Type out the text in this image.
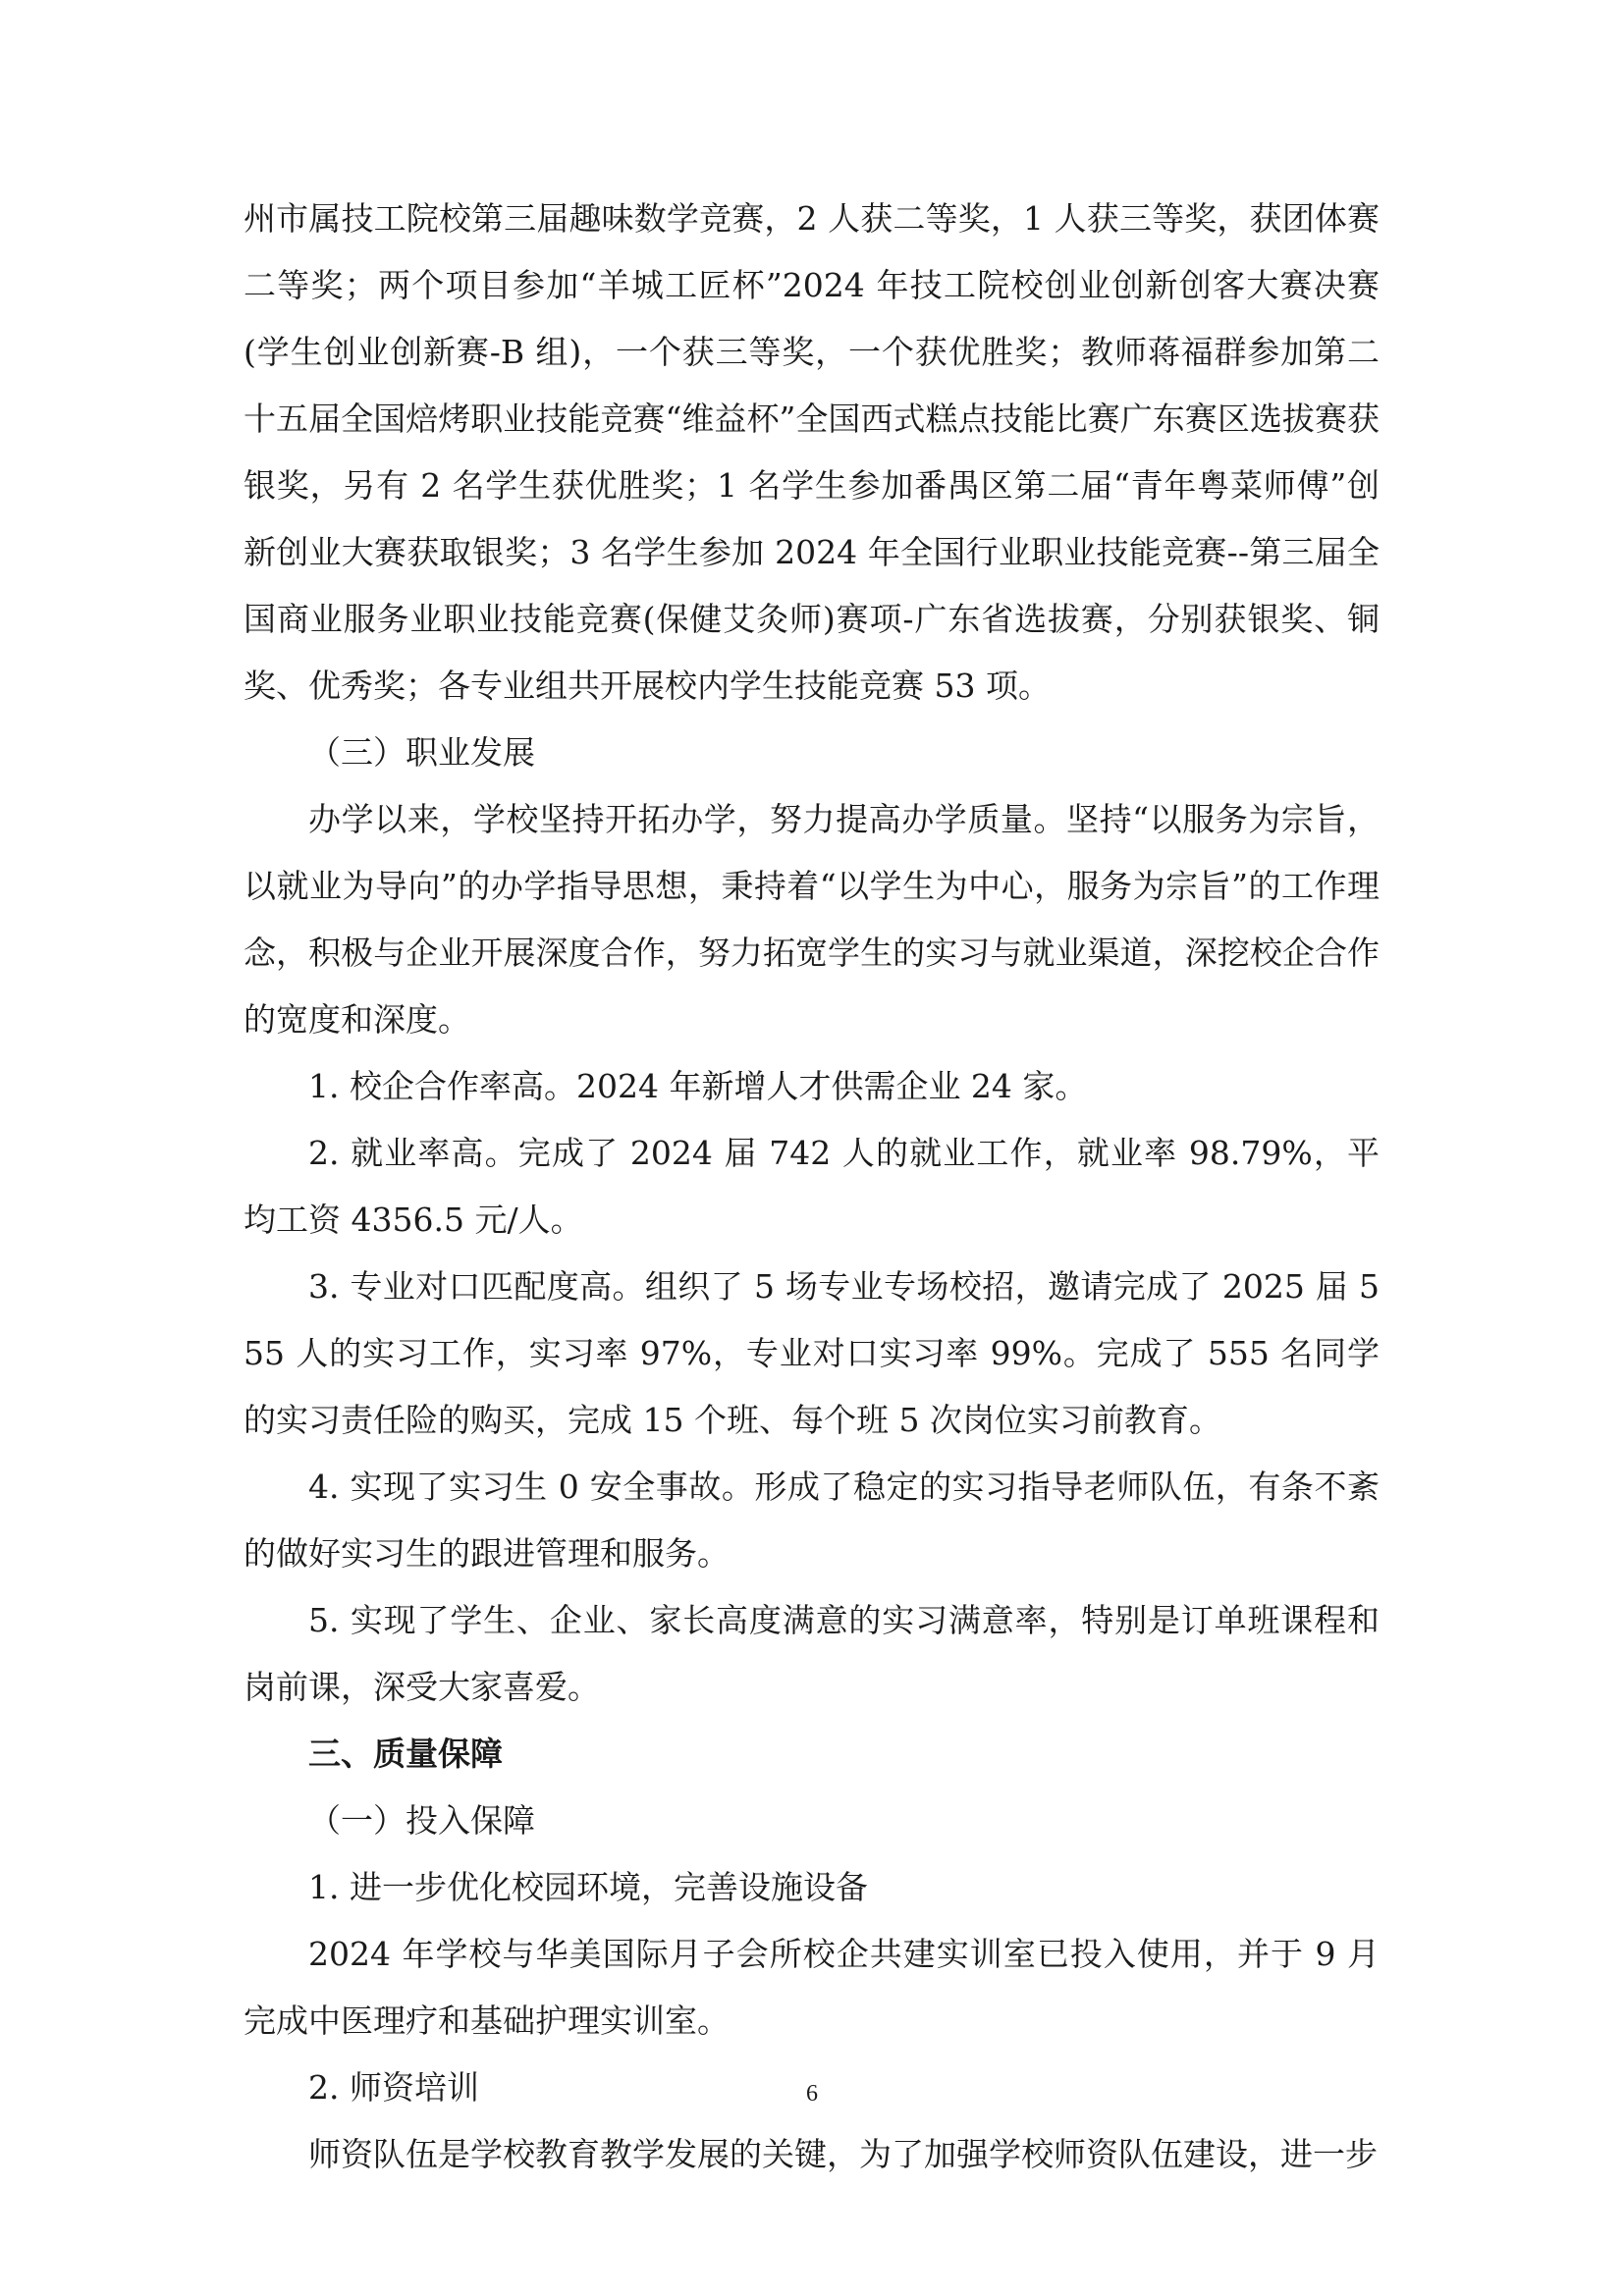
州市属技工院校第三届趣味数学竞赛，2 人获二等奖，1 人获三等奖，获团体赛二等奖；两个项目参加“羊城工匠杯”2024 年技工院校创业创新创客大赛决赛(学生创业创新赛-B 组)，一个获三等奖，一个获优胜奖；教师蒋福群参加第二十五届全国焙烤职业技能竞赛“维益杯”全国西式糕点技能比赛广东赛区选拔赛获银奖，另有 2 名学生获优胜奖；1 名学生参加番禺区第二届“青年粤菜师傅”创新创业大赛获取银奖；3 名学生参加 2024 年全国行业职业技能竞赛--第三届全国商业服务业职业技能竞赛(保健艾灸师)赛项-广东省选拔赛，分别获银奖、铜奖、优秀奖；各专业组共开展校内学生技能竞赛 53 项。

（三）职业发展

办学以来，学校坚持开拓办学，努力提高办学质量。坚持“以服务为宗旨，以就业为导向”的办学指导思想，秉持着“以学生为中心，服务为宗旨”的工作理念，积极与企业开展深度合作，努力拓宽学生的实习与就业渠道，深挖校企合作的宽度和深度。

1. 校企合作率高。2024 年新增人才供需企业 24 家。

2. 就业率高。完成了 2024 届 742 人的就业工作，就业率 98.79%，平均工资 4356.5 元/人。

3. 专业对口匹配度高。组织了 5 场专业专场校招，邀请完成了 2025 届 555 人的实习工作，实习率 97%，专业对口实习率 99%。完成了 555 名同学的实习责任险的购买，完成 15 个班、每个班 5 次岗位实习前教育。

4. 实现了实习生 0 安全事故。形成了稳定的实习指导老师队伍，有条不紊的做好实习生的跟进管理和服务。

5. 实现了学生、企业、家长高度满意的实习满意率，特别是订单班课程和岗前课，深受大家喜爱。

三、质量保障

（一）投入保障

1. 进一步优化校园环境，完善设施设备

2024 年学校与华美国际月子会所校企共建实训室已投入使用，并于 9 月完成中医理疗和基础护理实训室。

2. 师资培训

师资队伍是学校教育教学发展的关键，为了加强学校师资队伍建设，进一步

6
